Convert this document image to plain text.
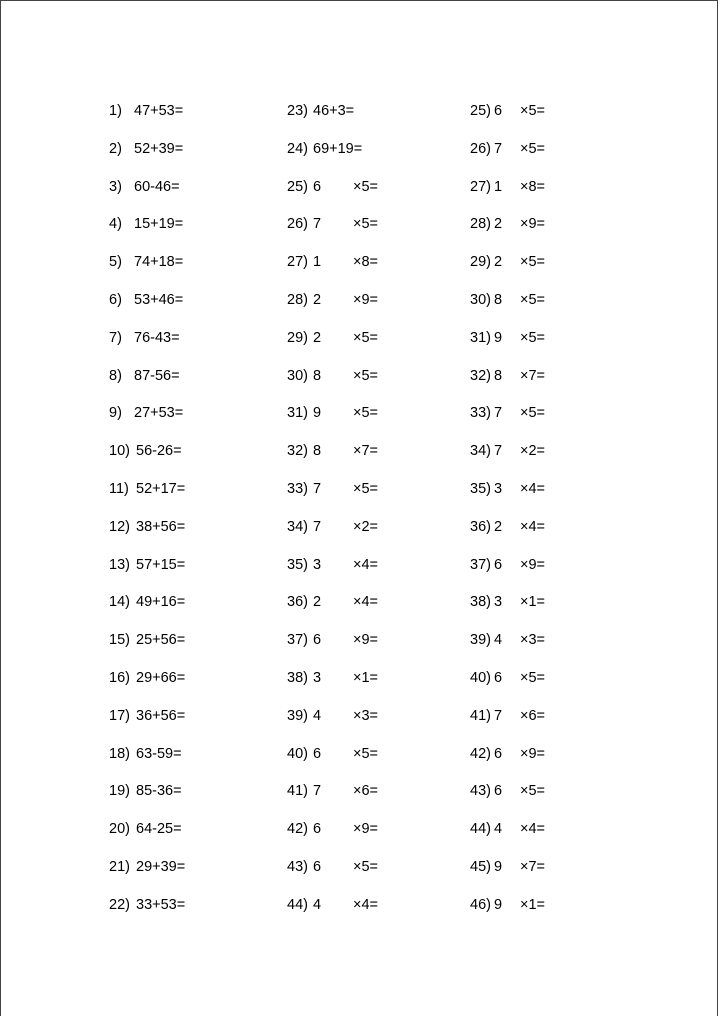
1) 47+53=
2) 52+39=
3) 60-46=
4) 15+19=
5) 74+18=
6) 53+46=
7) 76-43=
8) 87-56=
9) 27+53=
10) 56-26=
11) 52+17=
12) 38+56=
13) 57+15=
14) 49+16=
15) 25+56=
16) 29+66=
17) 36+56=
18) 63-59=
19) 85-36=
20) 64-25=
21) 29+39=
22) 33+53=
23) 46+3=
24) 69+19=
25) 6 ×5=
26) 7 ×5=
27) 1 ×8=
28) 2 ×9=
29) 2 ×5=
30) 8 ×5=
31) 9 ×5=
32) 8 ×7=
33) 7 ×5=
34) 7 ×2=
35) 3 ×4=
36) 2 ×4=
37) 6 ×9=
38) 3 ×1=
39) 4 ×3=
40) 6 ×5=
41) 7 ×6=
42) 6 ×9=
43) 6 ×5=
44) 4 ×4=
25) 6 ×5=
26) 7 ×5=
27) 1 ×8=
28) 2 ×9=
29) 2 ×5=
30) 8 ×5=
31) 9 ×5=
32) 8 ×7=
33) 7 ×5=
34) 7 ×2=
35) 3 ×4=
36) 2 ×4=
37) 6 ×9=
38) 3 ×1=
39) 4 ×3=
40) 6 ×5=
41) 7 ×6=
42) 6 ×9=
43) 6 ×5=
44) 4 ×4=
45) 9 ×7=
46) 9 ×1=
